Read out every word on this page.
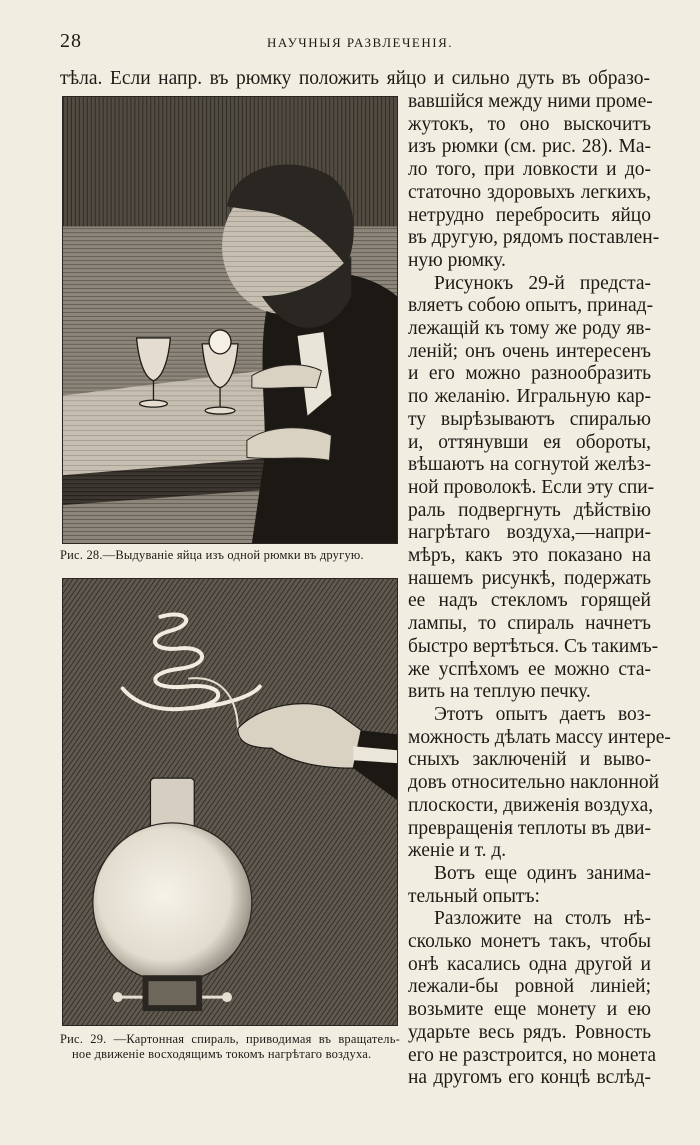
28	НАУЧНЫЯ РАЗВЛЕЧЕНІЯ.
тѣла. Если напр. въ рюмку положить яйцо и сильно дуть въ образо-
Рис. 28.—Выдуваніе яйца изъ одной рюмки въ другую.
Рис. 29. —Картонная спираль, приводимая въ вращатель-
ное движеніе восходящимъ токомъ нагрѣтаго воздуха.
вавшійся между ними проме-
жутокъ, то оно выскочитъ
изъ рюмки (см. рис. 28). Ма-
ло того, при ловкости и до-
статочно здоровыхъ легкихъ,
нетрудно перебросить яйцо
въ другую, рядомъ поставлен-
ную рюмку.
Рисунокъ 29-й предста-
вляетъ собою опытъ, принад-
лежащій къ тому же роду яв-
леній; онъ очень интересенъ
и его можно разнообразить
по желанію. Игральную кар-
ту вырѣзываютъ спиралью
и, оттянувши ея обороты,
вѣшаютъ на согнутой желѣз-
ной проволокѣ. Если эту спи-
раль подвергнуть дѣйствію
нагрѣтаго воздуха,—напри-
мѣръ, какъ это показано на
нашемъ рисункѣ, подержать
ее надъ стекломъ горящей
лампы, то спираль начнетъ
быстро вертѣться. Съ такимъ-
же успѣхомъ ее можно ста-
вить на теплую печку.
Этотъ опытъ даетъ воз-
можность дѣлать массу интере-
сныхъ заключеній и выво-
довъ относительно наклонной
плоскости, движенія воздуха,
превращенія теплоты въ дви-
женіе и т. д.
Вотъ еще одинъ занима-
тельный опытъ:
Разложите на столъ нѣ-
сколько монетъ такъ, чтобы
онѣ касались одна другой и
лежали-бы ровной линіей;
возьмите еще монету и ею
ударьте весь рядъ. Ровность
его не разстроится, но монета
на другомъ его концѣ вслѣд-
